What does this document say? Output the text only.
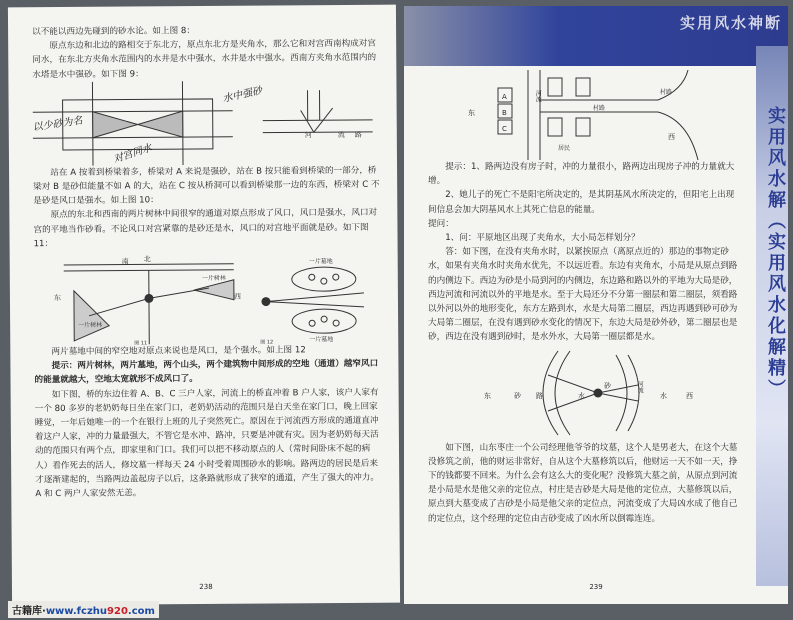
以不能以西边先碰到的砂水论。如上图 8：

原点东边和北边的路相交于东北方，原点东北方是夹角水，那么它和对宫西南构成对宫同水，在东北方夹角水范围内的水井是水中强水，水井是水中强水。西南方夹角水范围内的水塔是水中强砂。如下图 9：

河	流 路
以少砂为名
水中强砂
对宫同水

站在 A 按着到桥梁着多，桥梁对 A 来说是强砂，站在 B 按只能看到桥梁的一部分，桥梁对 B 是砂但能量不如 A 的大，站在 C 按从桥洞可以看到桥梁那一边的东西，桥梁对 C 不是砂是风口是强水。如上图 10：

原点的东北和西南的两片树林中间很窄的通道对原点形成了风口，风口是强水，风口对宫的平地当作砂看。不论风口对宫紧靠的是砂还是水，风口的对宫地平面就是砂。如下图 11：

北
南
东	西
一片树林
一片树林
一片墓地
一片墓地
图 11	图 12

两片墓地中间的窄空地对原点来说也是风口，是个强水。如上图 12

提示：两片树林，两片墓地，两个山头，两个建筑物中间形成的空地（通道）越窄风口的能量就越大，空地太宽就形不成风口了。

如下图，桥的东边住着 A、B、C 三户人家，河流上的桥直冲着 B 户人家，该户人家有一个 80 多岁的老奶奶每日坐在家门口，老奶奶活动的范围只是白天坐在家门口，晚上回家睡觉，一年后她唯一的一个在银行上班的儿子突然死亡。原因在于河流西方形成的通道直冲着这户人家，冲的力量最强大，不管它是水冲、路冲，只要是冲就有灾。因为老奶奶每天活动的范围只有两个点，即家里和门口。我们可以把不移动原点的人（常时间卧床不起的病人）看作死去的活人，修坟墓一样每天 24 小时受着周围砂水的影响。路两边的居民是后来才逐渐建起的，当路两边盖起房子以后，这条路就形成了狭窄的通道，产生了强大的冲力。A 和 C 两户人家安然无恙。

238
实用风水神断
实用风水解（实用风水化解精）
东
A
B
C
河流
村路
村路
居民
西

提示：1、路两边没有房子时，冲的力量很小，路两边出现房子冲的力量就大增。

2、她儿子的死亡不是阳宅所决定的，是其阴基风水所决定的，但阳宅上出现间信息会加大阴基风水上其死亡信息的能量。

提问：

1、问：平原地区出现了夹角水，大小局怎样划分？

答：如下图，在没有夹角水时，以紧挨原点（离原点近的）那边的事物定砂水，如果有夹角水时夹角水优先，不以远近看。东边有夹角水，小局是从原点到路的内侧边下。西边为砂是小局到河的内侧边，东边路和路以外的平地为大局是砂，西边河流和河流以外的平地是水。至于大局还分不分第一圈层和第二圈层，须看路以外河以外的地形变化，东方左路到水，水是大局第二圈层，西边再遇到砂可砂为大局第二圈层，在没有遇到砂水变化的情况下，东边大局是砂外砂，第二圈层也是砂，西边在没有遇到砂时，是水外水，大局第一圈层都是水。

东	砂 路	水
砂	河流
水	西

如下图，山东枣庄一个公司经理他爷爷的坟墓，这个人是男老大，在这个大墓没修筑之前，他的财运非常好，自从这个大墓修筑以后，他财运一天不如一天，挣下的钱都要不回来。为什么会有这么大的变化呢？没修筑大墓之前，从原点到河流是小局是水是他父亲的定位点，村庄是吉砂是大局是他的定位点，大墓修筑以后，原点到大墓变成了吉砂是小局是他父亲的定位点，河流变成了大局凶水成了他自己的定位点，这个经理的定位由吉砂变成了凶水所以倒霉连连。

239
古籍库·www.fczhu920.com
